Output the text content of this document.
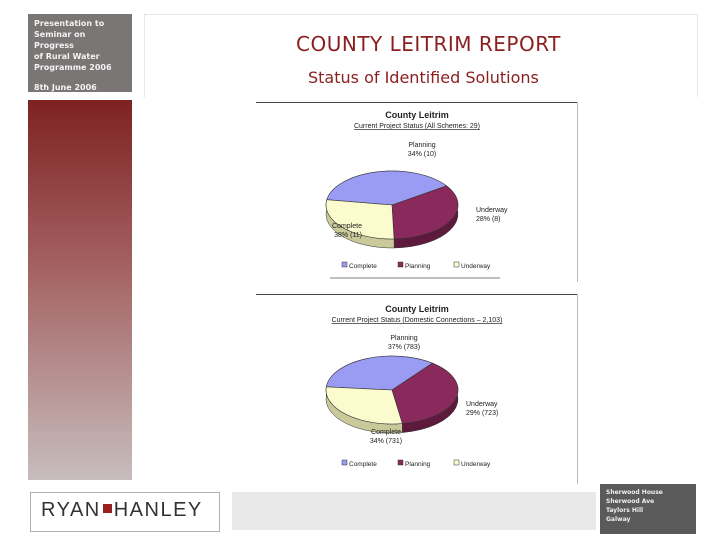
Presentation to
Seminar on Progress
of Rural Water
Programme 2006
8th June 2006
COUNTY LEITRIM REPORT
Status of Identified Solutions
County Leitrim
Current Project Status (All Schemes: 29)
Complete
38% (11)
Planning
34% (10)
Underway
28% (8)
Complete	Planning	Underway
County Leitrim
Current Project Status (Domestic Connections – 2,103)
Complete
34% (731)
Planning
37% (783)
Underway
29% (723)
Complete	Planning	Underway
RYAN HANLEY
Sherwood House
Sherwood Ave
Taylors Hill
Galway
